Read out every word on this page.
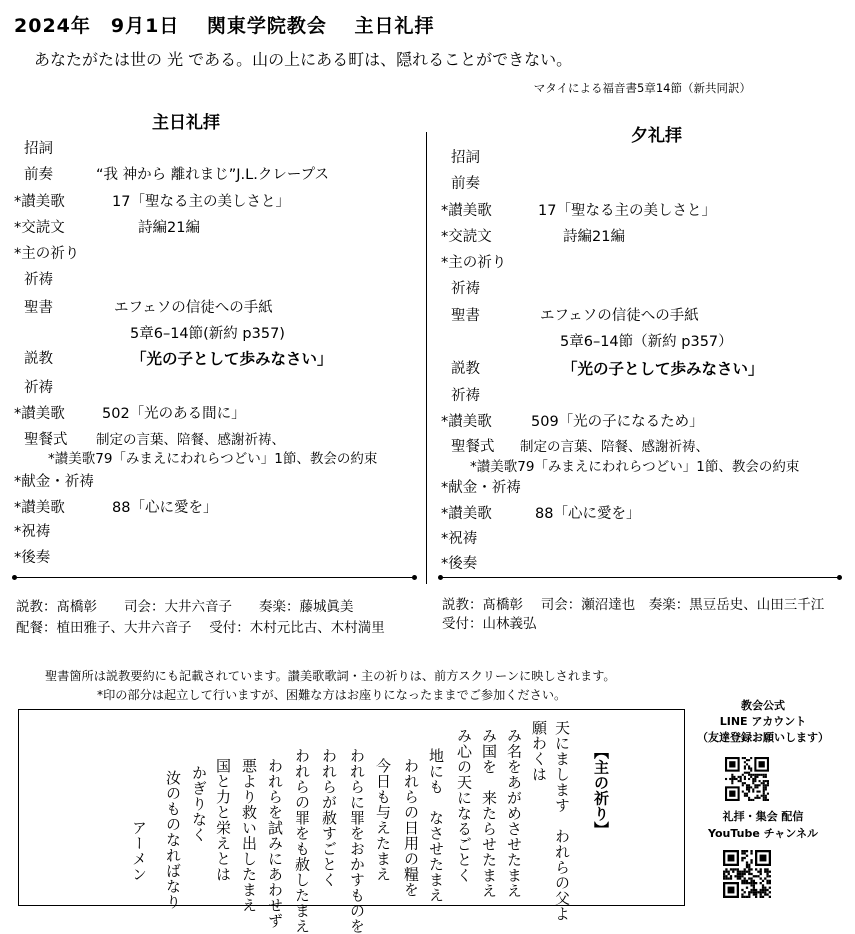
2024年　9月1日　 関東学院教会　 主日礼拝
あなたがたは世の 光 である。山の上にある町は、隠れることができない。
マタイによる福音書5章14節（新共同訳）
主日礼拝
招詞
前奏	“我 神から 離れまじ”J.L.クレープス
*讃美歌	17「聖なる主の美しさと」
*交読文	詩編21編
*主の祈り
祈祷
聖書	エフェソの信徒への手紙
5章6–14節(新約 p357)
説教	「光の子として歩みなさい」
祈祷
*讃美歌	502「光のある間に」
聖餐式 制定の言葉、陪餐、感謝祈祷、
*讃美歌79「みまえにわれらつどい」1節、教会の約束
*献金・祈祷
*讃美歌	88「心に愛を」
*祝祷
*後奏
夕礼拝
招詞
前奏
*讃美歌	17「聖なる主の美しさと」
*交読文	詩編21編
*主の祈り
祈祷
聖書	エフェソの信徒への手紙
5章6–14節（新約 p357）
説教	「光の子として歩みなさい」
祈祷
*讃美歌	509「光の子になるため」
聖餐式 制定の言葉、陪餐、感謝祈祷、
*讃美歌79「みまえにわれらつどい」1節、教会の約束
*献金・祈祷
*讃美歌	88「心に愛を」
*祝祷
*後奏
説教：髙橋彰　　司会：大井六音子　　奏楽：藤城眞美
配餐：植田雅子、大井六音子　 受付：木村元比古、木村満里
説教：髙橋彰　 司会：瀬沼達也　奏楽：黒豆岳史、山田三千江
受付：山林義弘
聖書箇所は説教要約にも記載されています。讃美歌歌詞・主の祈りは、前方スクリーンに映しされます。
*印の部分は起立して行いますが、困難な方はお座りになったままでご参加ください。
【主の祈り】
天にまします　われらの父よ
願わくは
み名をあがめさせたまえ
み国を　来たらせたまえ
み心の天になるごとく
地にも　なさせたまえ
われらの日用の糧を
今日も与えたまえ
われらに罪をおかすものを
われらが赦すごとく
われらの罪をも赦したまえ
われらを試みにあわせず
悪より救い出したまえ
国と力と栄えとは
かぎりなく
汝のものなればなり
アーメン
教会公式
LINE アカウント
（友達登録お願いします）
礼拝・集会 配信
YouTube チャンネル
